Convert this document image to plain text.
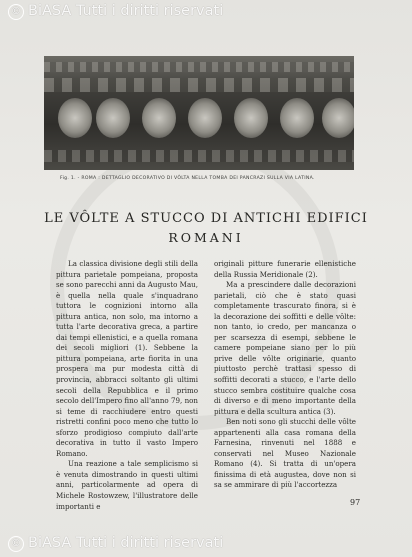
© BiASA Tutti i diritti riservati
Fig. 1. - ROMA : DETTAGLIO DECORATIVO DI VÔLTA NELLA TOMBA DEI PANCRAZI SULLA VIA LATINA.
LE VÔLTE A STUCCO DI ANTICHI EDIFICI
ROMANI

La classica divisione degli stili della pittura parietale pompeiana, proposta se sono parecchi anni da Augusto Mau, è quella nella quale s'inquadrano tuttora le cognizioni intorno alla pittura antica, non solo, ma intorno a tutta l'arte decorativa greca, a partire dai tempi ellenistici, e a quella romana dei secoli migliori (1). Sebbene la pittura pompeiana, arte fiorita in una prospera ma pur modesta città di provincia, abbracci soltanto gli ultimi secoli della Repubblica e il primo secolo dell'Impero fino all'anno 79, non si teme di racchiudere entro questi ristretti confini poco meno che tutto lo sforzo prodigioso compiuto dall'arte decorativa in tutto il vasto Impero Romano.

Una reazione a tale semplicismo si è venuta dimostrando in questi ultimi anni, particolarmente ad opera di Michele Rostowzew, l'illustratore delle importanti e

originali pitture funerarie ellenistiche della Russia Meridionale (2).

Ma a prescindere dalle decorazioni parietali, ciò che è stato quasi completamente trascurato finora, si è la decorazione dei soffitti e delle vôlte: non tanto, io credo, per mancanza o per scarsezza di esempi, sebbene le camere pompeiane siano per lo più prive delle vôlte originarie, quanto piuttosto perchè trattasi spesso di soffitti decorati a stucco, e l'arte dello stucco sembra costituire qualche cosa di diverso e di meno importante della pittura e della scultura antica (3).

Ben noti sono gli stucchi delle vôlte appartenenti alla casa romana della Farnesina, rinvenuti nel 1888 e conservati nel Museo Nazionale Romano (4). Si tratta di un'opera finissima di età augustea, dove non si sa se ammirare di più l'accortezza

97
© BiASA Tutti i diritti riservati
